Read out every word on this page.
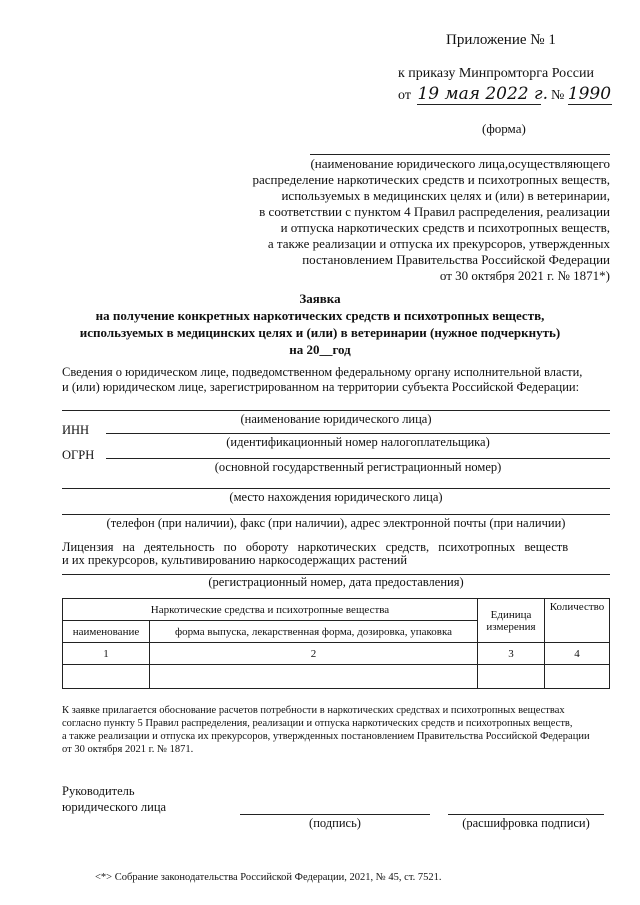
Приложение № 1
к приказу Минпромторга России
от 19 мая 2022 г. № 1990
(форма)
(наименование юридического лица,осуществляющего
распределение наркотических средств и психотропных веществ,
используемых в медицинских целях и (или) в ветеринарии,
в соответствии с пунктом 4 Правил распределения, реализации
и отпуска наркотических средств и психотропных веществ,
а также реализации и отпуска их прекурсоров, утвержденных
постановлением Правительства Российской Федерации
от 30 октября 2021 г. № 1871*)
Заявка
на получение конкретных наркотических средств и психотропных веществ,
используемых в медицинских целях и (или) в ветеринарии (нужное подчеркнуть)
на 20__год
Сведения о юридическом лице, подведомственном федеральному органу исполнительной власти,
и (или) юридическом лице, зарегистрированном на территории субъекта Российской Федерации:
(наименование юридического лица)
ИНН
(идентификационный номер налогоплательщика)
ОГРН
(основной государственный регистрационный номер)
(место нахождения юридического лица)
(телефон (при наличии), факс (при наличии), адрес электронной почты (при наличии)
Лицензия на деятельность по обороту наркотических средств, психотропных веществ
и их прекурсоров, культивированию наркосодержащих растений
(регистрационный номер, дата предоставления)
Наркотические средства и психотропные вещества		Единица измерения	Количество
наименование	форма выпуска, лекарственная форма, дозировка, упаковка		
1	2	3	4

К заявке прилагается обоснование расчетов потребности в наркотических средствах и психотропных веществах
согласно пункту 5 Правил распределения, реализации и отпуска наркотических средств и психотропных веществ,
а также реализации и отпуска их прекурсоров, утвержденных постановлением Правительства Российской Федерации
от 30 октября 2021 г. № 1871.
Руководитель
юридического лица
(подпись)	(расшифровка подписи)
<*> Собрание законодательства Российской Федерации, 2021, № 45, ст. 7521.
